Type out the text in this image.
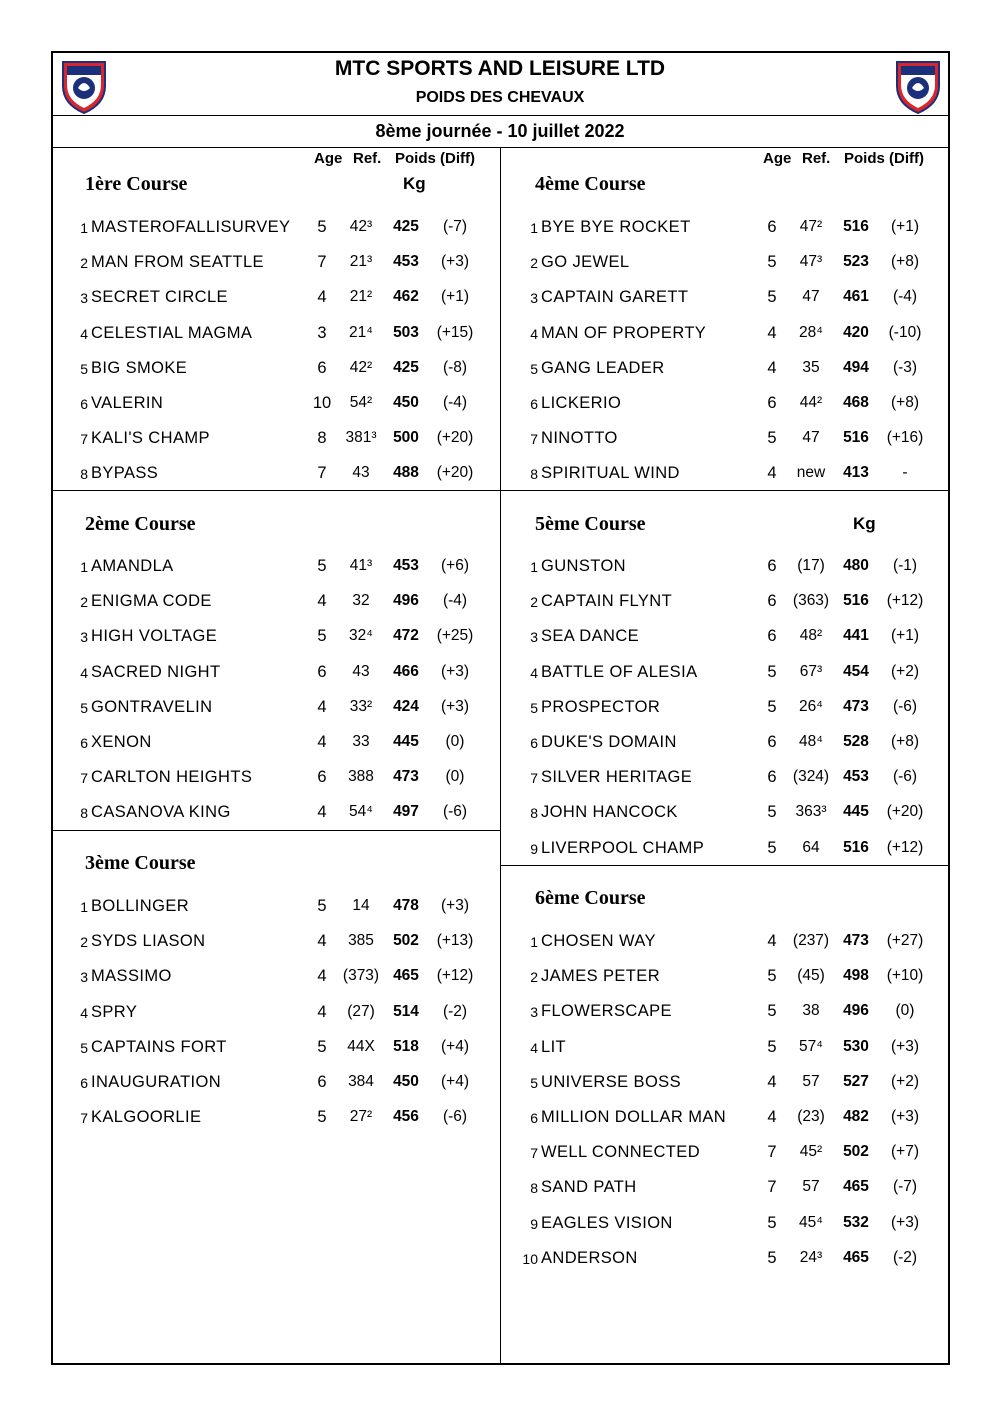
MTC SPORTS AND LEISURE LTD
POIDS DES CHEVAUX
8ème journée - 10 juillet 2022
Age Ref. Poids (Diff)
Kg
Age Ref. Poids (Diff)
Kg
1ère Course
1 MASTEROFALLISURVEY	5	42³	425	(-7)
2 MAN FROM SEATTLE	7	21³	453	(+3)
3 SECRET CIRCLE	4	21²	462	(+1)
4 CELESTIAL MAGMA	3	21⁴	503	(+15)
5 BIG SMOKE	6	42²	425	(-8)
6 VALERIN	10	54²	450	(-4)
7 KALI'S CHAMP	8	381³	500	(+20)
8 BYPASS	7	43	488	(+20)
2ème Course
1 AMANDLA	5	41³	453	(+6)
2 ENIGMA CODE	4	32	496	(-4)
3 HIGH VOLTAGE	5	32⁴	472	(+25)
4 SACRED NIGHT	6	43	466	(+3)
5 GONTRAVELIN	4	33²	424	(+3)
6 XENON	4	33	445	(0)
7 CARLTON HEIGHTS	6	388	473	(0)
8 CASANOVA KING	4	54⁴	497	(-6)
3ème Course
1 BOLLINGER	5	14	478	(+3)
2 SYDS LIASON	4	385	502	(+13)
3 MASSIMO	4	(373) 465	(+12)
4 SPRY	4	(27)	514	(-2)
5 CAPTAINS FORT	5	44X	518	(+4)
6 INAUGURATION	6	384	450	(+4)
7 KALGOORLIE	5	27²	456	(-6)
4ème Course
1 BYE BYE ROCKET	6	47²	516	(+1)
2 GO JEWEL	5	47³	523	(+8)
3 CAPTAIN GARETT	5	47	461	(-4)
4 MAN OF PROPERTY	4	28⁴	420	(-10)
5 GANG LEADER	4	35	494	(-3)
6 LICKERIO	6	44²	468	(+8)
7 NINOTTO	5	47	516	(+16)
8 SPIRITUAL WIND	4	new	413	-
5ème Course
1 GUNSTON	6	(17)	480	(-1)
2 CAPTAIN FLYNT	6	(363) 516	(+12)
3 SEA DANCE	6	48²	441	(+1)
4 BATTLE OF ALESIA	5	67³	454	(+2)
5 PROSPECTOR	5	26⁴	473	(-6)
6 DUKE'S DOMAIN	6	48⁴	528	(+8)
7 SILVER HERITAGE	6	(324) 453	(-6)
8 JOHN HANCOCK	5	363³	445	(+20)
9 LIVERPOOL CHAMP	5	64	516	(+12)
6ème Course
1 CHOSEN WAY	4	(237) 473	(+27)
2 JAMES PETER	5	(45)	498	(+10)
3 FLOWERSCAPE	5	38	496	(0)
4 LIT	5	57⁴	530	(+3)
5 UNIVERSE BOSS	4	57	527	(+2)
6 MILLION DOLLAR MAN	4	(23)	482	(+3)
7 WELL CONNECTED	7	45²	502	(+7)
8 SAND PATH	7	57	465	(-7)
9 EAGLES VISION	5	45⁴	532	(+3)
10 ANDERSON	5	24³	465	(-2)
